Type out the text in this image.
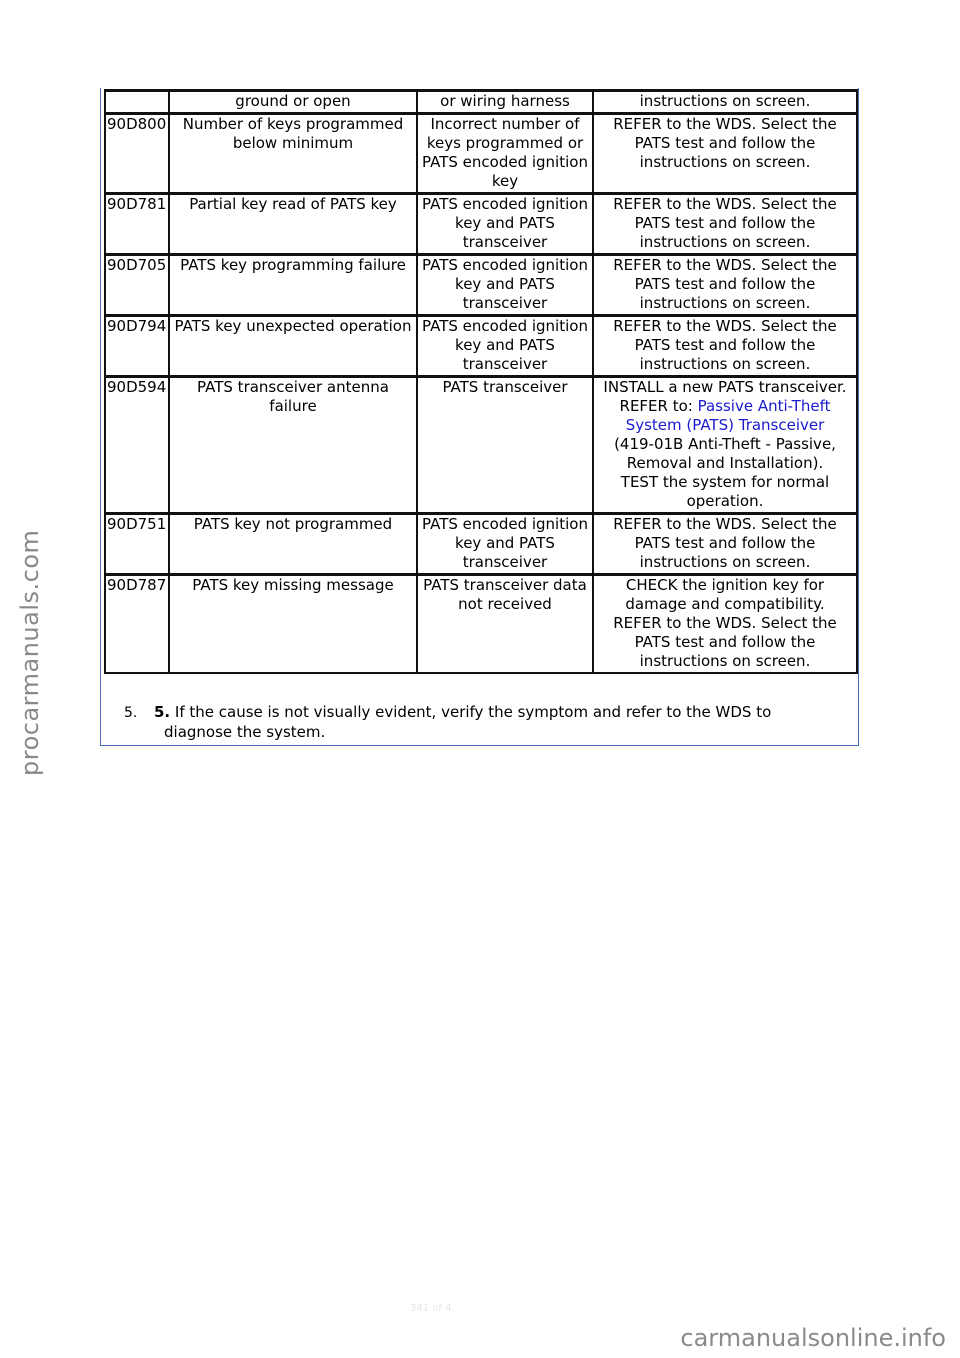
	ground or open	or wiring harness	instructions on screen.

90D800	Number of keys programmed below minimum	Incorrect number of keys programmed or PATS encoded ignition key	REFER to the WDS. Select the PATS test and follow the instructions on screen.

90D781	Partial key read of PATS key	PATS encoded ignition key and PATS transceiver	REFER to the WDS. Select the PATS test and follow the instructions on screen.

90D705	PATS key programming failure	PATS encoded ignition key and PATS transceiver	REFER to the WDS. Select the PATS test and follow the instructions on screen.

90D794	PATS key unexpected operation	PATS encoded ignition key and PATS transceiver	REFER to the WDS. Select the PATS test and follow the instructions on screen.

90D594	PATS transceiver antenna failure	PATS transceiver	INSTALL a new PATS transceiver.

REFER to: Passive Anti-Theft System (PATS) Transceiver

(419-01B Anti-Theft - Passive, Removal and Installation).

TEST the system for normal operation.

90D751	PATS key not programmed	PATS encoded ignition key and PATS transceiver	REFER to the WDS. Select the PATS test and follow the instructions on screen.

90D787	PATS key missing message	PATS transceiver data not received	CHECK the ignition key for damage and compatibility.

REFER to the WDS. Select the PATS test and follow the instructions on screen.

5. 5. If the cause is not visually evident, verify the symptom and refer to the WDS to
diagnose the system.
341 of 4..
procarmanuals.com
carmanualsonline.info
